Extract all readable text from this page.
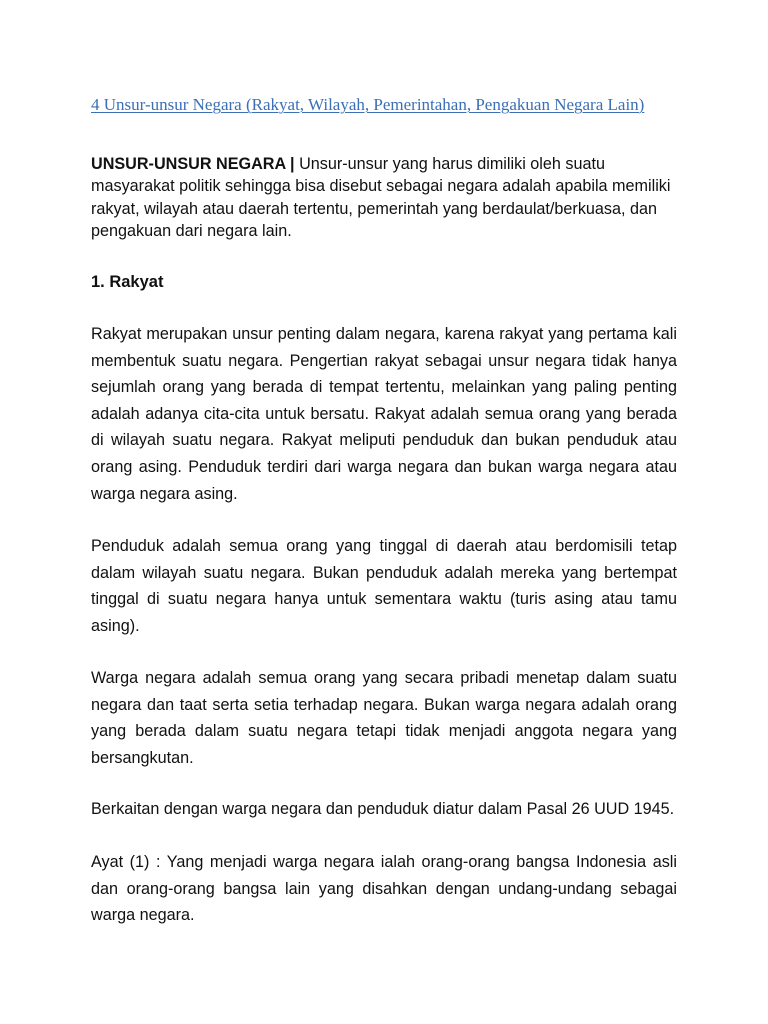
4 Unsur-unsur Negara (Rakyat, Wilayah, Pemerintahan, Pengakuan Negara Lain)

UNSUR-UNSUR NEGARA | Unsur-unsur yang harus dimiliki oleh suatu masyarakat politik sehingga bisa disebut sebagai negara adalah apabila memiliki rakyat, wilayah atau daerah tertentu, pemerintah yang berdaulat/berkuasa, dan pengakuan dari negara lain.

1. Rakyat

Rakyat merupakan unsur penting dalam negara, karena rakyat yang pertama kali membentuk suatu negara. Pengertian rakyat sebagai unsur negara tidak hanya sejumlah orang yang berada di tempat tertentu, melainkan yang paling penting adalah adanya cita-cita untuk bersatu. Rakyat adalah semua orang yang berada di wilayah suatu negara. Rakyat meliputi penduduk dan bukan penduduk atau orang asing. Penduduk terdiri dari warga negara dan bukan warga negara atau warga negara asing.

Penduduk adalah semua orang yang tinggal di daerah atau berdomisili tetap dalam wilayah suatu negara. Bukan penduduk adalah mereka yang bertempat tinggal di suatu negara hanya untuk sementara waktu (turis asing atau tamu asing).

Warga negara adalah semua orang yang secara pribadi menetap dalam suatu negara dan taat serta setia terhadap negara. Bukan warga negara adalah orang yang berada dalam suatu negara tetapi tidak menjadi anggota negara yang bersangkutan.

Berkaitan dengan warga negara dan penduduk diatur dalam Pasal 26 UUD 1945.

Ayat (1) : Yang menjadi warga negara ialah orang-orang bangsa Indonesia asli dan orang-orang bangsa lain yang disahkan dengan undang-undang sebagai warga negara.
